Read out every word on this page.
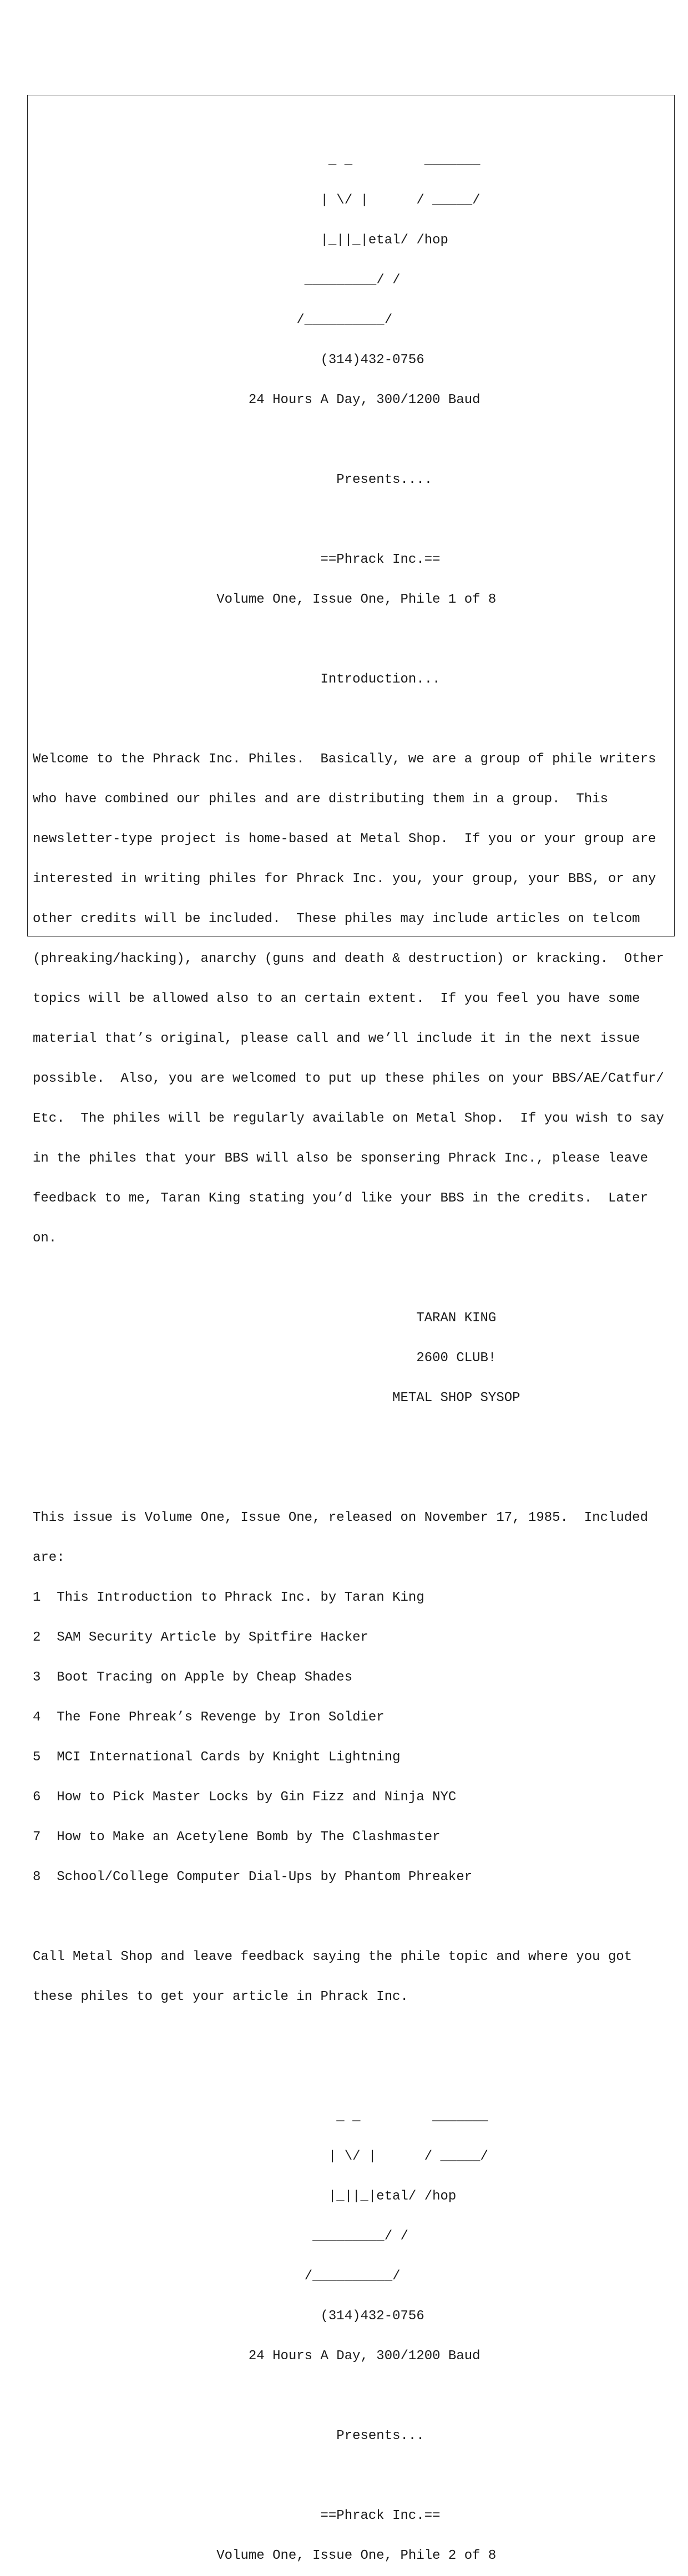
_ _         _______

| \/ |      / _____/

|_||_|etal/ /hop

_________/ /

/__________/

(314)432-0756

24 Hours A Day, 300/1200 Baud

Presents....

==Phrack Inc.==

Volume One, Issue One, Phile 1 of 8

Introduction...

Welcome to the Phrack Inc. Philes.  Basically, we are a group of phile writers

who have combined our philes and are distributing them in a group.  This

newsletter-type project is home-based at Metal Shop.  If you or your group are

interested in writing philes for Phrack Inc. you, your group, your BBS, or any

other credits will be included.  These philes may include articles on telcom

(phreaking/hacking), anarchy (guns and death & destruction) or kracking.  Other

topics will be allowed also to an certain extent.  If you feel you have some

material that’s original, please call and we’ll include it in the next issue

possible.  Also, you are welcomed to put up these philes on your BBS/AE/Catfur/

Etc.  The philes will be regularly available on Metal Shop.  If you wish to say

in the philes that your BBS will also be sponsering Phrack Inc., please leave

feedback to me, Taran King stating you’d like your BBS in the credits.  Later

on.

TARAN KING

2600 CLUB!

METAL SHOP SYSOP

This issue is Volume One, Issue One, released on November 17, 1985.  Included

are:

1  This Introduction to Phrack Inc. by Taran King

2  SAM Security Article by Spitfire Hacker

3  Boot Tracing on Apple by Cheap Shades

4  The Fone Phreak’s Revenge by Iron Soldier

5  MCI International Cards by Knight Lightning

6  How to Pick Master Locks by Gin Fizz and Ninja NYC

7  How to Make an Acetylene Bomb by The Clashmaster

8  School/College Computer Dial-Ups by Phantom Phreaker

Call Metal Shop and leave feedback saying the phile topic and where you got

these philes to get your article in Phrack Inc.

_ _         _______

| \/ |      / _____/

|_||_|etal/ /hop

_________/ /

/__________/

(314)432-0756

24 Hours A Day, 300/1200 Baud

Presents...

==Phrack Inc.==

Volume One, Issue One, Phile 2 of 8
